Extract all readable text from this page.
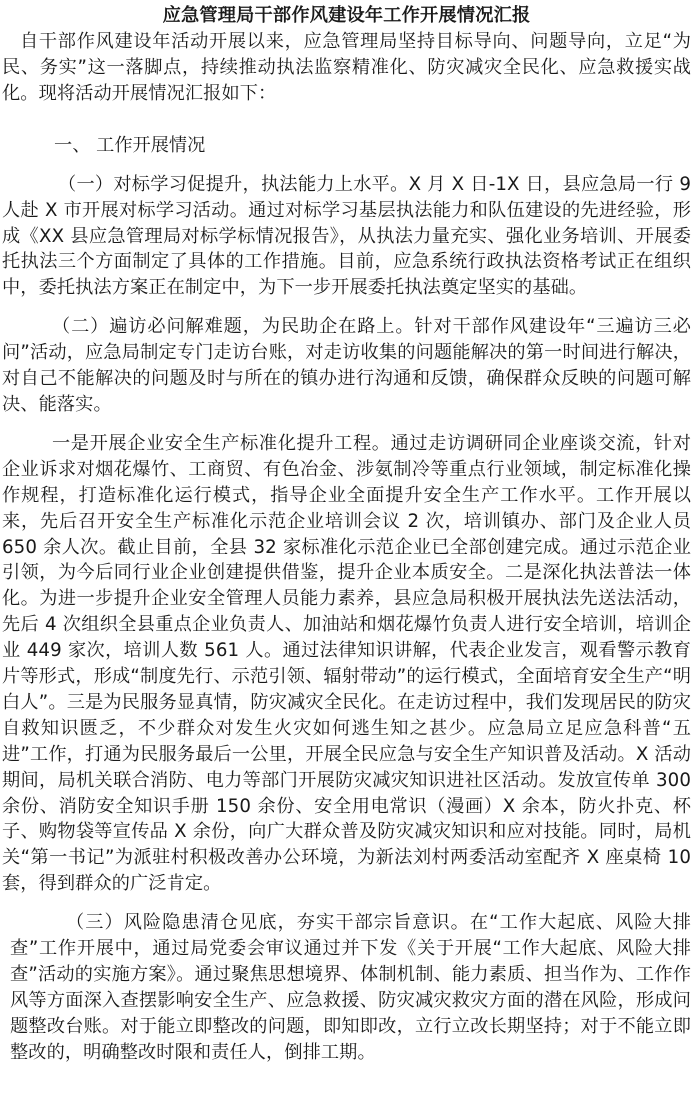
应急管理局干部作风建设年工作开展情况汇报

自干部作风建设年活动开展以来，应急管理局坚持目标导向、问题导向，立足“为民、务实”这一落脚点，持续推动执法监察精准化、防灾减灾全民化、应急救援实战化。现将活动开展情况汇报如下：

一、 工作开展情况

（一）对标学习促提升，执法能力上水平。X 月 X 日-1X 日，县应急局一行 9 人赴 X 市开展对标学习活动。通过对标学习基层执法能力和队伍建设的先进经验，形成《XX 县应急管理局对标学标情况报告》，从执法力量充实、强化业务培训、开展委托执法三个方面制定了具体的工作措施。目前，应急系统行政执法资格考试正在组织中，委托执法方案正在制定中，为下一步开展委托执法奠定坚实的基础。

（二）遍访必问解难题，为民助企在路上。针对干部作风建设年“三遍访三必问”活动，应急局制定专门走访台账，对走访收集的问题能解决的第一时间进行解决，对自己不能解决的问题及时与所在的镇办进行沟通和反馈，确保群众反映的问题可解决、能落实。

一是开展企业安全生产标准化提升工程。通过走访调研同企业座谈交流，针对企业诉求对烟花爆竹、工商贸、有色冶金、涉氨制冷等重点行业领域，制定标准化操作规程，打造标准化运行模式，指导企业全面提升安全生产工作水平。工作开展以来，先后召开安全生产标准化示范企业培训会议 2 次，培训镇办、部门及企业人员 650 余人次。截止目前，全县 32 家标准化示范企业已全部创建完成。通过示范企业引领，为今后同行业企业创建提供借鉴，提升企业本质安全。二是深化执法普法一体化。为进一步提升企业安全管理人员能力素养，县应急局积极开展执法先送法活动，先后 4 次组织全县重点企业负责人、加油站和烟花爆竹负责人进行安全培训，培训企业 449 家次，培训人数 561 人。通过法律知识讲解，代表企业发言，观看警示教育片等形式，形成“制度先行、示范引领、辐射带动”的运行模式，全面培育安全生产“明白人”。三是为民服务显真情，防灾减灾全民化。在走访过程中，我们发现居民的防灾自救知识匮乏，不少群众对发生火灾如何逃生知之甚少。应急局立足应急科普“五进”工作，打通为民服务最后一公里，开展全民应急与安全生产知识普及活动。X 活动期间，局机关联合消防、电力等部门开展防灾减灾知识进社区活动。发放宣传单 300 余份、消防安全知识手册 150 余份、安全用电常识（漫画）X 余本，防火扑克、杯子、购物袋等宣传品 X 余份，向广大群众普及防灾减灾知识和应对技能。同时，局机关“第一书记”为派驻村积极改善办公环境，为新法刘村两委活动室配齐 X 座桌椅 10 套，得到群众的广泛肯定。

（三）风险隐患清仓见底，夯实干部宗旨意识。在“工作大起底、风险大排查”工作开展中，通过局党委会审议通过并下发《关于开展“工作大起底、风险大排查”活动的实施方案》。通过聚焦思想境界、体制机制、能力素质、担当作为、工作作风等方面深入查摆影响安全生产、应急救援、防灾减灾救灾方面的潜在风险，形成问题整改台账。对于能立即整改的问题，即知即改，立行立改长期坚持；对于不能立即整改的，明确整改时限和责任人，倒排工期。
